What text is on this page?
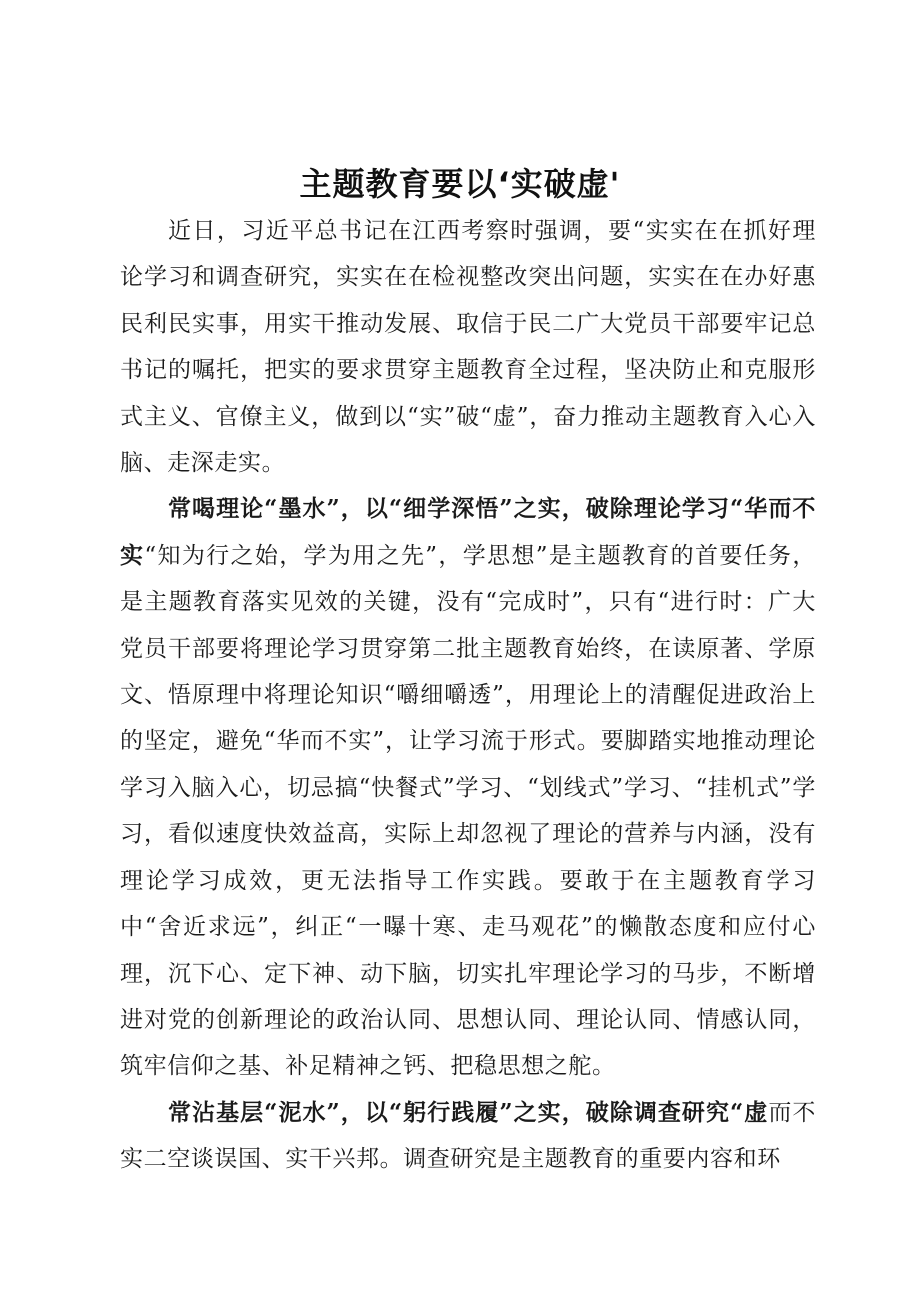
主题教育要以‘实破虚'

近日，习近平总书记在江西考察时强调，要“实实在在抓好理论学习和调查研究，实实在在检视整改突出问题，实实在在办好惠民利民实事，用实干推动发展、取信于民二广大党员干部要牢记总书记的嘱托，把实的要求贯穿主题教育全过程，坚决防止和克服形式主义、官僚主义，做到以“实”破“虚”，奋力推动主题教育入心入脑、走深走实。

常喝理论“墨水”，以“细学深悟”之实，破除理论学习“华而不实“知为行之始，学为用之先”，学思想”是主题教育的首要任务，是主题教育落实见效的关键，没有“完成时”，只有“进行时：广大党员干部要将理论学习贯穿第二批主题教育始终，在读原著、学原文、悟原理中将理论知识“嚼细嚼透”，用理论上的清醒促进政治上的坚定，避免“华而不实”，让学习流于形式。要脚踏实地推动理论学习入脑入心，切忌搞“快餐式”学习、“划线式”学习、“挂机式”学习，看似速度快效益高，实际上却忽视了理论的营养与内涵，没有理论学习成效，更无法指导工作实践。要敢于在主题教育学习中“舍近求远”，纠正“一曝十寒、走马观花”的懒散态度和应付心理，沉下心、定下神、动下脑，切实扎牢理论学习的马步，不断增进对党的创新理论的政治认同、思想认同、理论认同、情感认同，筑牢信仰之基、补足精神之钙、把稳思想之舵。

常沾基层“泥水”，以“躬行践履”之实，破除调查研究“虚而不实二空谈误国、实干兴邦。调查研究是主题教育的重要内容和环
